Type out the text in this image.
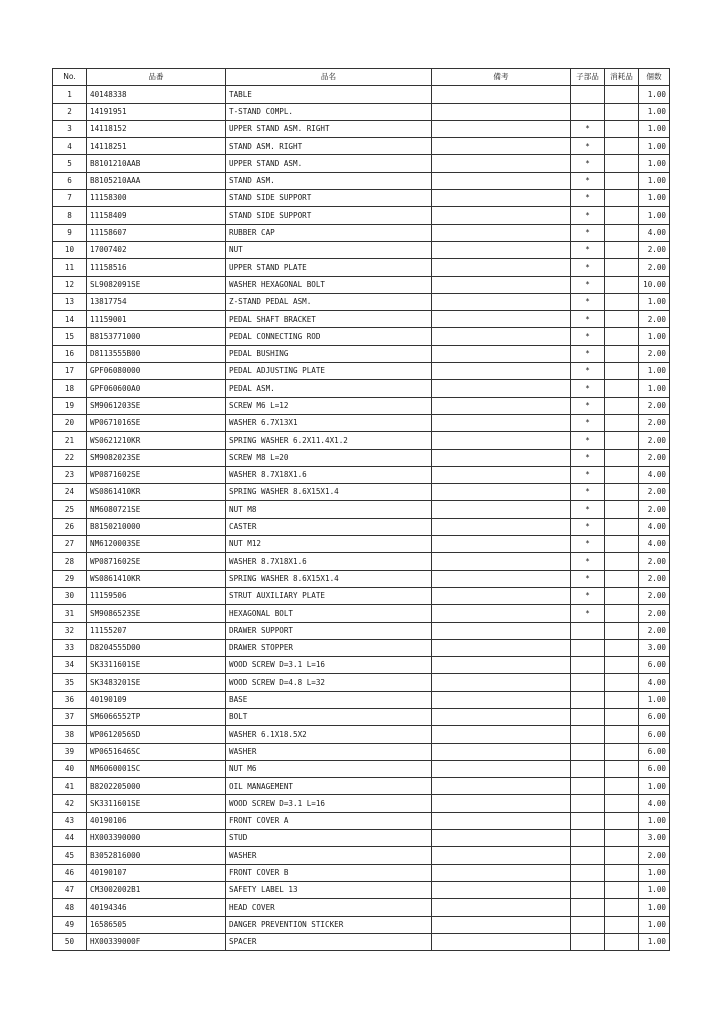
No.	品番	品名	備考	子部品	消耗品	個数
1	40148338	TABLE				1.00
2	14191951	T-STAND COMPL.				1.00
3	14118152	UPPER STAND ASM. RIGHT		*		1.00
4	14118251	STAND ASM. RIGHT		*		1.00
5	B8101210AAB	UPPER STAND ASM.		*		1.00
6	B8105210AAA	STAND ASM.		*		1.00
7	11158300	STAND SIDE SUPPORT		*		1.00
8	11158409	STAND SIDE SUPPORT		*		1.00
9	11158607	RUBBER CAP		*		4.00
10	17007402	NUT		*		2.00
11	11158516	UPPER STAND PLATE		*		2.00
12	SL9082091SE	WASHER HEXAGONAL BOLT		*		10.00
13	13817754	Z-STAND PEDAL ASM.		*		1.00
14	11159001	PEDAL SHAFT BRACKET		*		2.00
15	B8153771000	PEDAL CONNECTING ROD		*		1.00
16	D8113555B00	PEDAL BUSHING		*		2.00
17	GPF06080000	PEDAL ADJUSTING PLATE		*		1.00
18	GPF060600A0	PEDAL ASM.		*		1.00
19	SM9061203SE	SCREW M6 L=12		*		2.00
20	WP0671016SE	WASHER 6.7X13X1		*		2.00
21	WS0621210KR	SPRING WASHER 6.2X11.4X1.2		*		2.00
22	SM9082023SE	SCREW M8 L=20		*		2.00
23	WP0871602SE	WASHER 8.7X18X1.6		*		4.00
24	WS0861410KR	SPRING WASHER 8.6X15X1.4		*		2.00
25	NM6080721SE	NUT M8		*		2.00
26	B8150210000	CASTER		*		4.00
27	NM6120003SE	NUT M12		*		4.00
28	WP0871602SE	WASHER 8.7X18X1.6		*		2.00
29	WS0861410KR	SPRING WASHER 8.6X15X1.4		*		2.00
30	11159506	STRUT AUXILIARY PLATE		*		2.00
31	SM9086523SE	HEXAGONAL BOLT		*		2.00
32	11155207	DRAWER SUPPORT				2.00
33	D8204555D00	DRAWER STOPPER				3.00
34	SK3311601SE	WOOD SCREW D=3.1 L=16				6.00
35	SK3483201SE	WOOD SCREW D=4.8 L=32				4.00
36	40190109	BASE				1.00
37	SM6066552TP	BOLT				6.00
38	WP0612056SD	WASHER 6.1X18.5X2				6.00
39	WP0651646SC	WASHER				6.00
40	NM6060001SC	NUT M6				6.00
41	B8202205000	OIL MANAGEMENT				1.00
42	SK3311601SE	WOOD SCREW D=3.1 L=16				4.00
43	40190106	FRONT COVER A				1.00
44	HX003390000	STUD				3.00
45	B3052816000	WASHER				2.00
46	40190107	FRONT COVER B				1.00
47	CM3002002B1	SAFETY LABEL 13				1.00
48	40194346	HEAD COVER				1.00
49	16586505	DANGER PREVENTION STICKER				1.00
50	HX00339000F	SPACER				1.00
